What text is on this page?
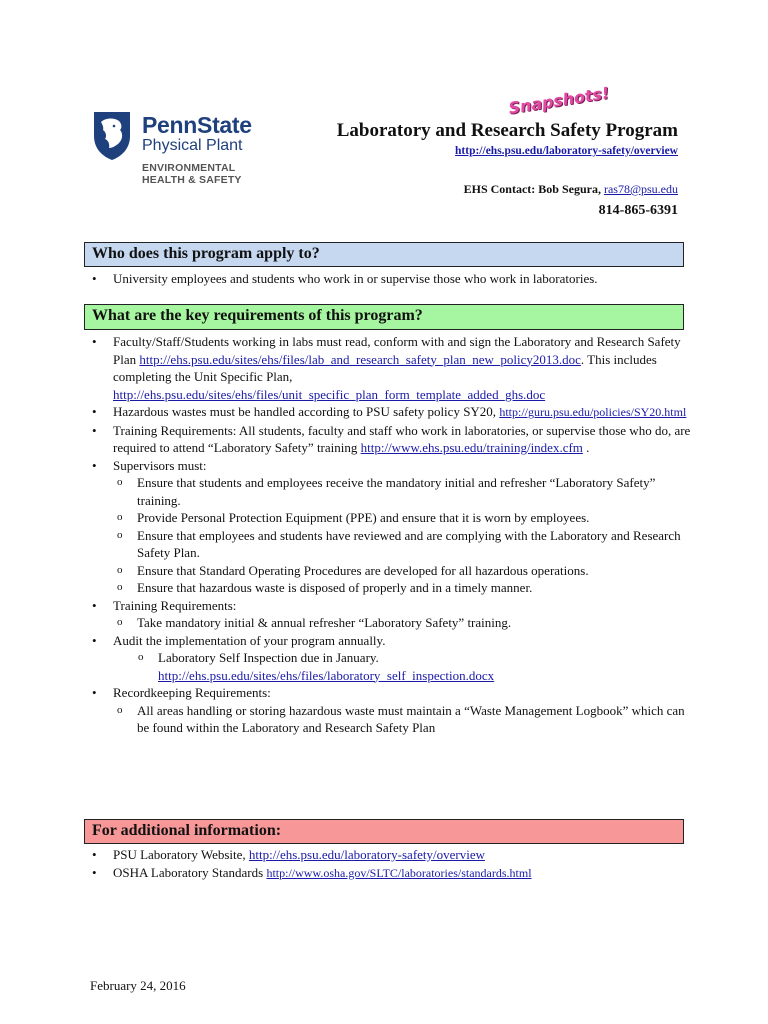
PennState
Physical Plant
ENVIRONMENTAL
HEALTH & SAFETY
Snapshots!
Laboratory and Research Safety Program
http://ehs.psu.edu/laboratory-safety/overview
EHS Contact: Bob Segura, ras78@psu.edu
814-865-6391
Who does this program apply to?
• University employees and students who work in or supervise those who work in laboratories.
What are the key requirements of this program?
• Faculty/Staff/Students working in labs must read, conform with and sign the Laboratory and Research Safety Plan http://ehs.psu.edu/sites/ehs/files/lab_and_research_safety_plan_new_policy2013.doc. This includes completing the Unit Specific Plan, http://ehs.psu.edu/sites/ehs/files/unit_specific_plan_form_template_added_ghs.doc
• Hazardous wastes must be handled according to PSU safety policy SY20, http://guru.psu.edu/policies/SY20.html
• Training Requirements: All students, faculty and staff who work in laboratories, or supervise those who do, are required to attend “Laboratory Safety” training http://www.ehs.psu.edu/training/index.cfm .
• Supervisors must:
o Ensure that students and employees receive the mandatory initial and refresher “Laboratory Safety” training.
o Provide Personal Protection Equipment (PPE) and ensure that it is worn by employees.
o Ensure that employees and students have reviewed and are complying with the Laboratory and Research Safety Plan.
o Ensure that Standard Operating Procedures are developed for all hazardous operations.
o Ensure that hazardous waste is disposed of properly and in a timely manner.
• Training Requirements:
o Take mandatory initial & annual refresher “Laboratory Safety” training.
• Audit the implementation of your program annually.
o Laboratory Self Inspection due in January.
http://ehs.psu.edu/sites/ehs/files/laboratory_self_inspection.docx
• Recordkeeping Requirements:
o All areas handling or storing hazardous waste must maintain a “Waste Management Logbook” which can be found within the Laboratory and Research Safety Plan
For additional information:
• PSU Laboratory Website, http://ehs.psu.edu/laboratory-safety/overview
• OSHA Laboratory Standards http://www.osha.gov/SLTC/laboratories/standards.html
February 24, 2016
